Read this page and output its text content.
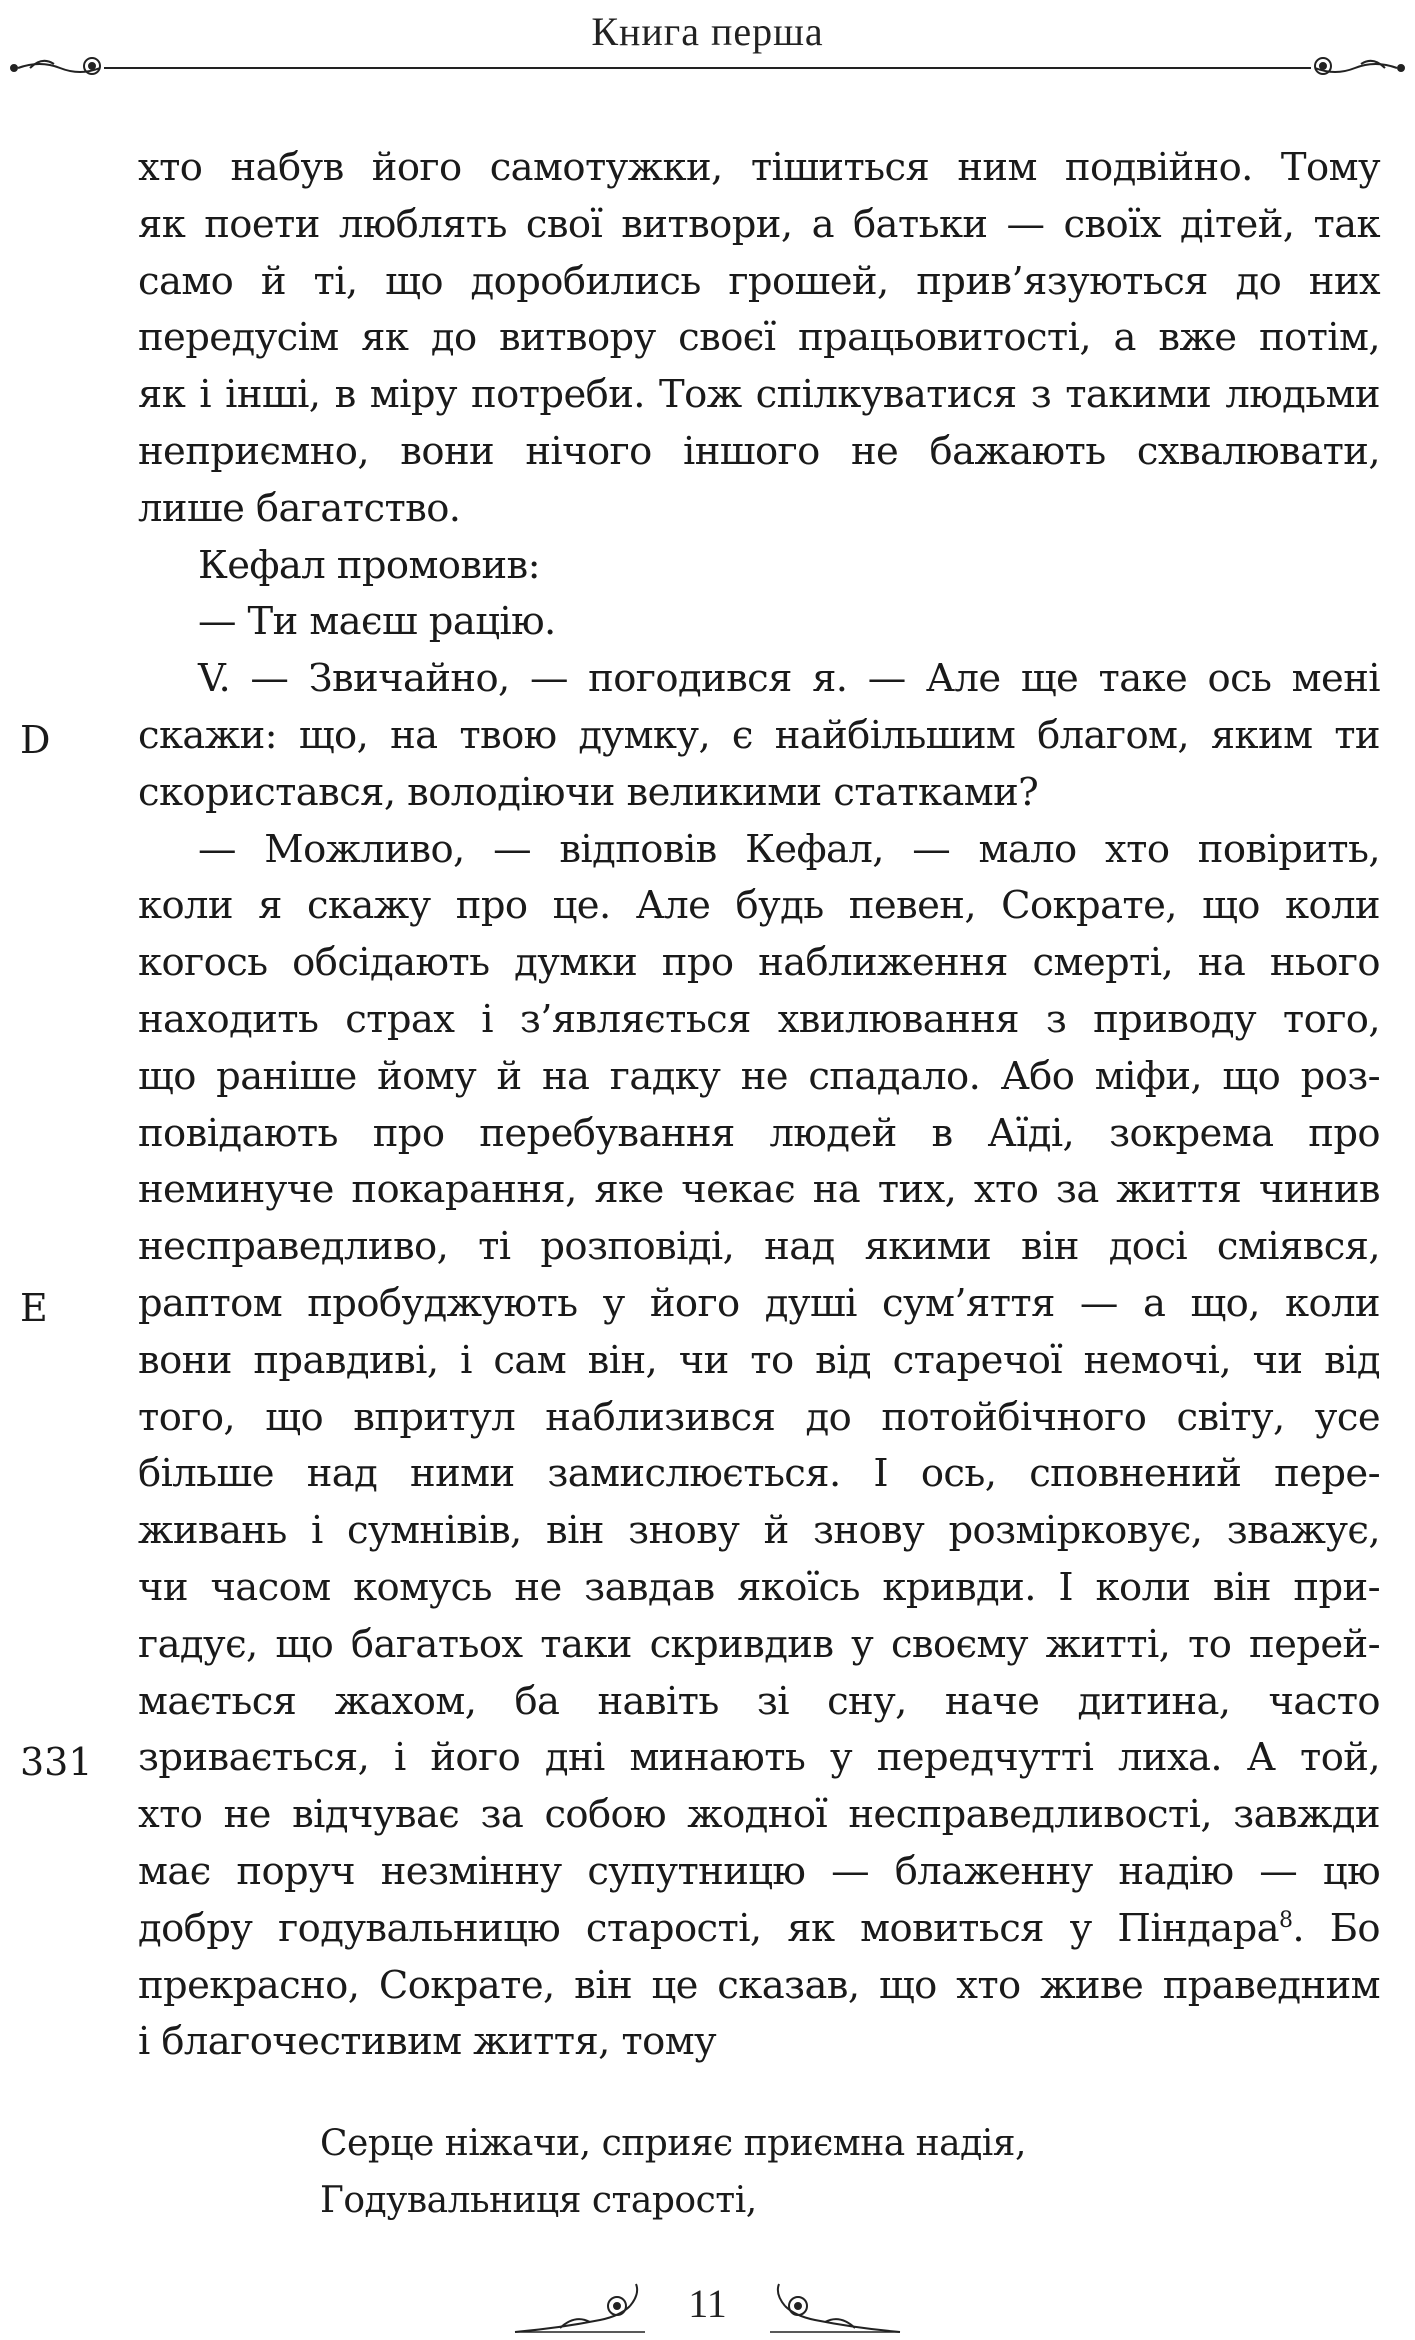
Книга перша
D
E
331
хто набув його самотужки, тішиться ним подвійно. Тому
як поети люблять свої витвори, а батьки — своїх дітей, так
само й ті, що доробились грошей, прив’язуються до них
передусім як до витвору своєї працьовитості, а вже потім,
як і інші, в міру потреби. Тож спілкуватися з такими людьми
неприємно, вони нічого іншого не бажають схвалювати,
лише багатство.
Кефал промовив:
— Ти маєш рацію.
V. — Звичайно, — погодився я. — Але ще таке ось мені
скажи: що, на твою думку, є найбільшим благом, яким ти
скористався, володіючи великими статками?
— Можливо, — відповів Кефал, — мало хто повірить,
коли я скажу про це. Але будь певен, Сократе, що коли
когось обсідають думки про наближення смерті, на нього
находить страх і з’являється хвилювання з приводу того,
що раніше йому й на гадку не спадало. Або міфи, що роз-
повідають про перебування людей в Аїді, зокрема про
неминуче покарання, яке чекає на тих, хто за життя чинив
несправедливо, ті розповіді, над якими він досі сміявся,
раптом пробуджують у його душі сум’яття — а що, коли
вони правдиві, і сам він, чи то від старечої немочі, чи від
того, що впритул наблизився до потойбічного світу, усе
більше над ними замислюється. І ось, сповнений пере-
живань і сумнівів, він знову й знову розмірковує, зважує,
чи часом комусь не завдав якоїсь кривди. І коли він при-
гадує, що багатьох таки скривдив у своєму житті, то перей-
мається жахом, ба навіть зі сну, наче дитина, часто
зривається, і його дні минають у передчутті лиха. А той,
хто не відчуває за собою жодної несправедливості, завжди
має поруч незмінну супутницю — блаженну надію — цю
добру годувальницю старості, як мовиться у Піндара$^8$. Бо
прекрасно, Сократе, він це сказав, що хто живе праведним
і благочестивим життя, тому
Серце ніжачи, сприяє приємна надія,
Годувальниця старості,
11
